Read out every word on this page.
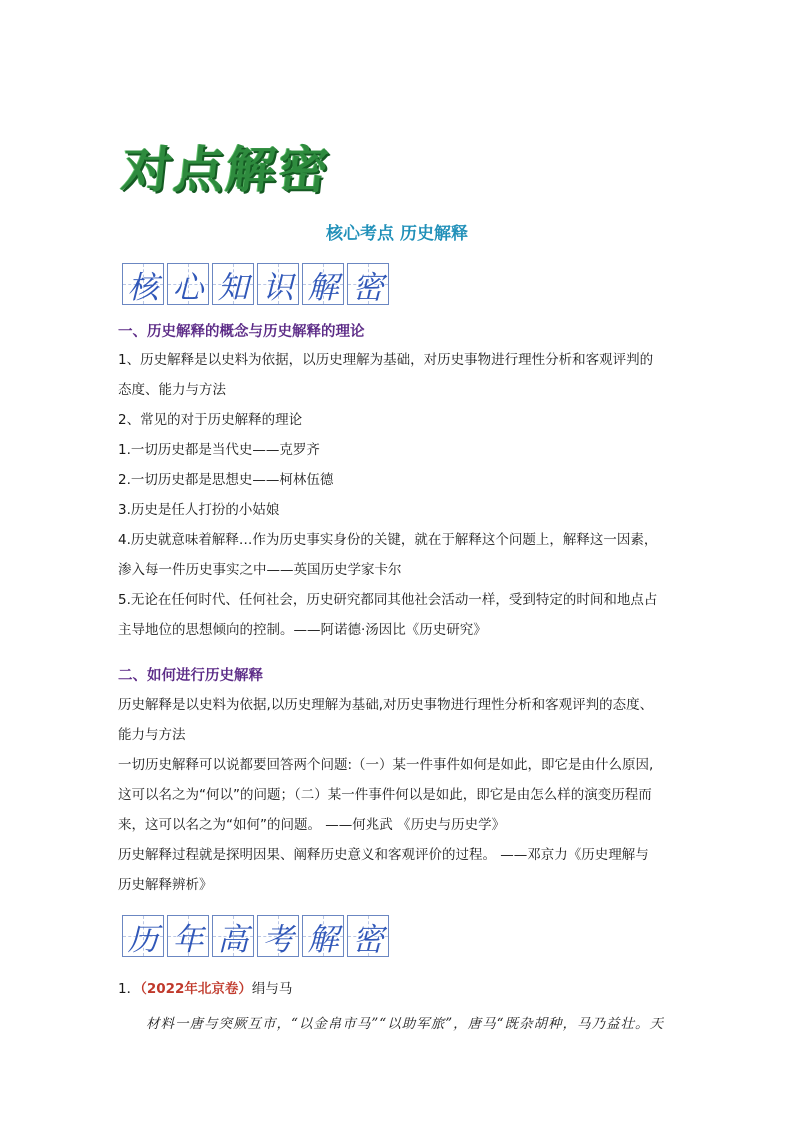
对
点
解
密
核心考点 历史解释
核 心 知 识 解 密
一、历史解释的概念与历史解释的理论
1、历史解释是以史料为依据，以历史理解为基础，对历史事物进行理性分析和客观评判的
态度、能力与方法
2、常见的对于历史解释的理论
1.一切历史都是当代史——克罗齐
2.一切历史都是思想史——柯林伍德
3.历史是任人打扮的小姑娘
4.历史就意味着解释…作为历史事实身份的关键，就在于解释这个问题上，解释这一因素，
渗入每一件历史事实之中——英国历史学家卡尔
5.无论在任何时代、任何社会，历史研究都同其他社会活动一样，受到特定的时间和地点占
主导地位的思想倾向的控制。——阿诺德·汤因比《历史研究》
二、如何进行历史解释
历史解释是以史料为依据,以历史理解为基础,对历史事物进行理性分析和客观评判的态度、
能力与方法
一切历史解释可以说都要回答两个问题:（一）某一件事件如何是如此，即它是由什么原因,
这可以名之为“何以”的问题；（二）某一件事件何以是如此，即它是由怎么样的演变历程而
来，这可以名之为“如何”的问题。 ——何兆武 《历史与历史学》
历史解释过程就是探明因果、阐释历史意义和客观评价的过程。 ——邓京力《历史理解与
历史解释辨析》
历 年 高 考 解 密
1．（2022年北京卷）绢与马
材料一唐与突厥互市，“以金帛市马”“以助军旅”，唐马“既杂胡种，马乃益壮。天
